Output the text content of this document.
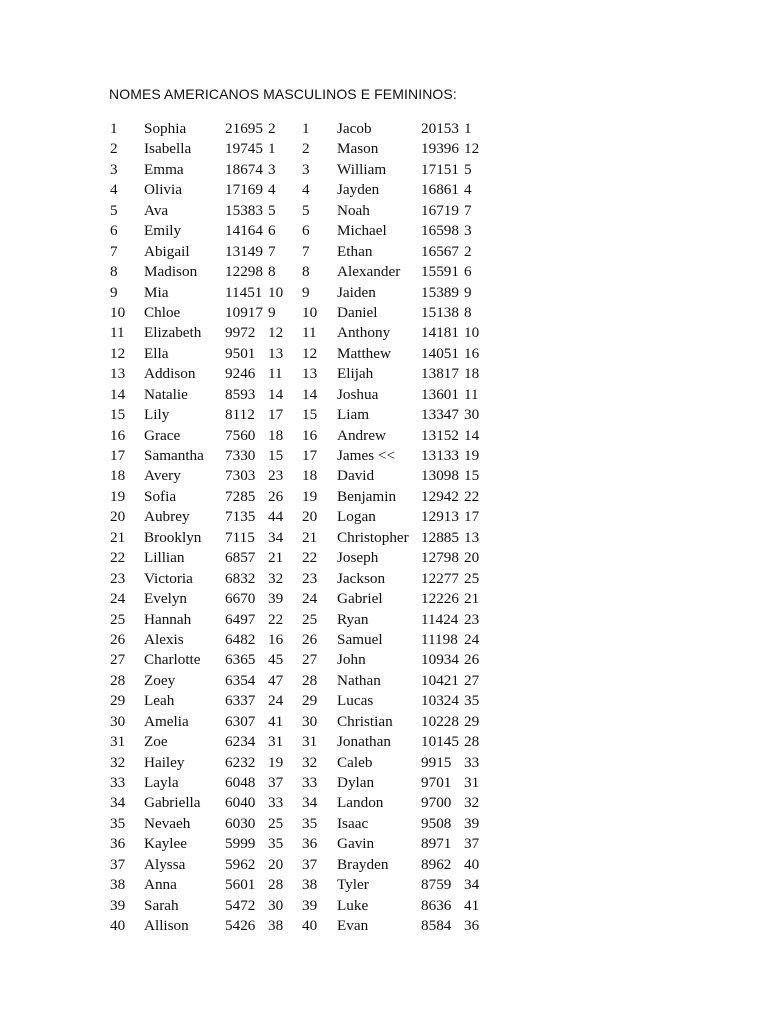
NOMES AMERICANOS MASCULINOS E FEMININOS:
1 Sophia	21695 2 1 Jacob	20153 1
2 Isabella 19745 1 2 Mason	19396 12
3 Emma	18674 3 3 William 17151 5
4 Olivia	17169 4 4 Jayden	16861 4
5 Ava	15383 5 5 Noah	16719 7
6 Emily	14164 6 6 Michael 16598 3
7 Abigail 13149 7 7 Ethan	16567 2
8 Madison 12298 8 8 Alexander 15591 6
9 Mia	11451 10 9 Jaiden	15389 9
10 Chloe	10917 9 10 Daniel	15138 8
11 Elizabeth 9972 12 11 Anthony 14181 10
12 Ella	9501 13 12 Matthew 14051 16
13 Addison 9246 11 13 Elijah	13817 18
14 Natalie 8593 14 14 Joshua	13601 11
15 Lily	8112 17 15 Liam	13347 30
16 Grace	7560 18 16 Andrew 13152 14
17 Samantha 7330 15 17 James << 13133 19
18 Avery	7303 23 18 David	13098 15
19 Sofia	7285 26 19 Benjamin 12942 22
20 Aubrey 7135 44 20 Logan	12913 17
21 Brooklyn 7115 34 21 Christopher 12885 13
22 Lillian	6857 21 22 Joseph	12798 20
23 Victoria 6832 32 23 Jackson 12277 25
24 Evelyn 6670 39 24 Gabriel	12226 21
25 Hannah 6497 22 25 Ryan	11424 23
26 Alexis	6482 16 26 Samuel	11198 24
27 Charlotte 6365 45 27 John	10934 26
28 Zoey	6354 47 28 Nathan	10421 27
29 Leah	6337 24 29 Lucas	10324 35
30 Amelia 6307 41 30 Christian 10228 29
31 Zoe	6234 31 31 Jonathan 10145 28
32 Hailey	6232 19 32 Caleb	9915 33
33 Layla	6048 37 33 Dylan	9701 31
34 Gabriella 6040 33 34 Landon 9700 32
35 Nevaeh 6030 25 35 Isaac	9508 39
36 Kaylee 5999 35 36 Gavin	8971 37
37 Alyssa	5962 20 37 Brayden 8962 40
38 Anna	5601 28 38 Tyler	8759 34
39 Sarah	5472 30 39 Luke	8636 41
40 Allison 5426 38 40 Evan	8584 36
